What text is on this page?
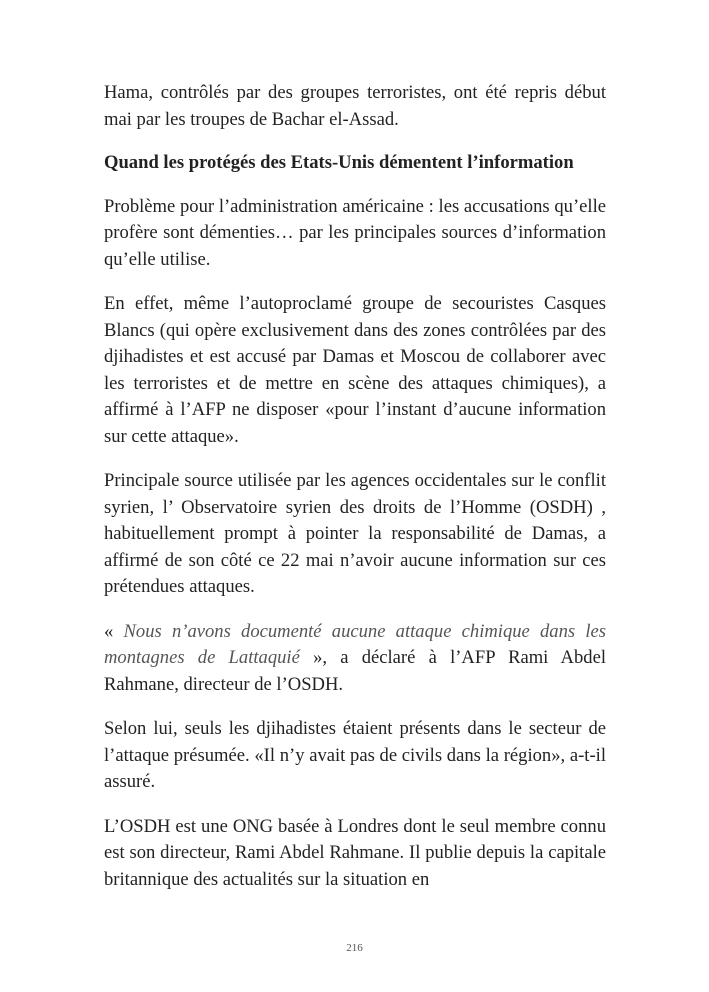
Hama, contrôlés par des groupes terroristes, ont été repris début mai par les troupes de Bachar el-Assad.

Quand les protégés des Etats-Unis démentent l’information

Problème pour l’administration américaine : les accusations qu’elle profère sont démenties… par les principales sources d’information qu’elle utilise.

En effet, même l’autoproclamé groupe de secouristes Casques Blancs (qui opère exclusivement dans des zones contrôlées par des djihadistes et est accusé par Damas et Moscou de collaborer avec les terroristes et de mettre en scène des attaques chimiques), a affirmé à l’AFP ne disposer «pour l’instant d’aucune information sur cette attaque».

Principale source utilisée par les agences occidentales sur le conflit syrien, l’ Observatoire syrien des droits de l’Homme (OSDH) , habituellement prompt à pointer la responsabilité de Damas, a affirmé de son côté ce 22 mai n’avoir aucune information sur ces prétendues attaques.

« Nous n’avons documenté aucune attaque chimique dans les montagnes de Lattaquié », a déclaré à l’AFP Rami Abdel Rahmane, directeur de l’OSDH.

Selon lui, seuls les djihadistes étaient présents dans le secteur de l’attaque présumée. «Il n’y avait pas de civils dans la région», a-t-il assuré.

L’OSDH est une ONG basée à Londres dont le seul membre connu est son directeur, Rami Abdel Rahmane. Il publie depuis la capitale britannique des actualités sur la situation en

216
